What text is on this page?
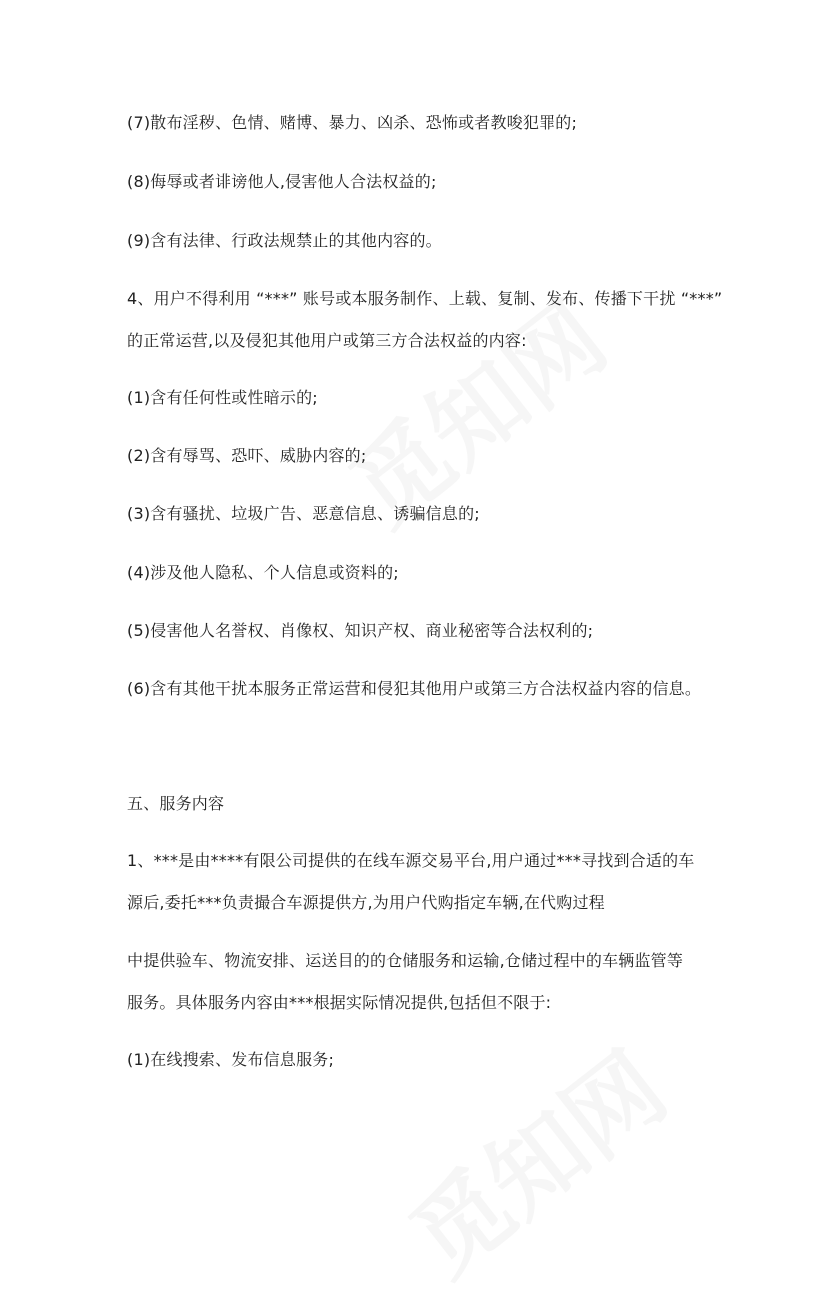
(7)散布淫秽、色情、赌博、暴力、凶杀、恐怖或者教唆犯罪的;
(8)侮辱或者诽谤他人,侵害他人合法权益的;
(9)含有法律、行政法规禁止的其他内容的。
4、用户不得利用 “***” 账号或本服务制作、上载、复制、发布、传播下干扰 “***”
的正常运营,以及侵犯其他用户或第三方合法权益的内容:
(1)含有任何性或性暗示的;
(2)含有辱骂、恐吓、威胁内容的;
(3)含有骚扰、垃圾广告、恶意信息、诱骗信息的;
(4)涉及他人隐私、个人信息或资料的;
(5)侵害他人名誉权、肖像权、知识产权、商业秘密等合法权利的;
(6)含有其他干扰本服务正常运营和侵犯其他用户或第三方合法权益内容的信息。
五、服务内容
1、***是由****有限公司提供的在线车源交易平台,用户通过***寻找到合适的车
源后,委托***负责撮合车源提供方,为用户代购指定车辆,在代购过程
中提供验车、物流安排、运送目的的仓储服务和运输,仓储过程中的车辆监管等
服务。具体服务内容由***根据实际情况提供,包括但不限于:
(1)在线搜索、发布信息服务;
